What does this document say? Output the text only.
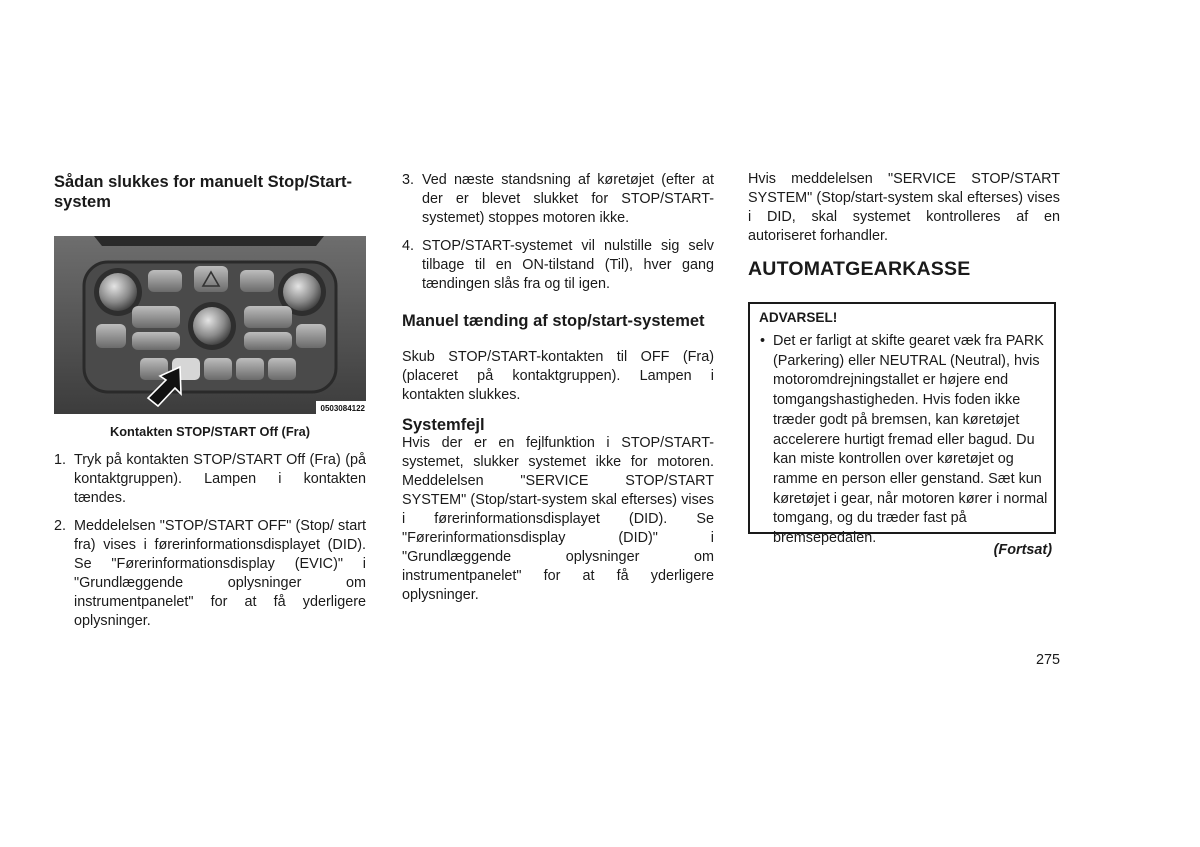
Sådan slukkes for manuelt Stop/Start-system
0503084122
Kontakten STOP/START Off (Fra)
1. Tryk på kontakten STOP/START Off (Fra) (på kontaktgruppen). Lampen i kontakten tændes.
2. Meddelelsen "STOP/START OFF" (Stop/ start fra) vises i førerinformationsdisplayet (DID). Se "Førerinformationsdisplay (EVIC)" i "Grundlæggende oplysninger om instrumentpanelet" for at få yderligere oplysninger.
3. Ved næste standsning af køretøjet (efter at der er blevet slukket for STOP/START-systemet) stoppes motoren ikke.
4. STOP/START-systemet vil nulstille sig selv tilbage til en ON-tilstand (Til), hver gang tændingen slås fra og til igen.
Manuel tænding af stop/start-systemet

Skub STOP/START-kontakten til OFF (Fra) (placeret på kontaktgruppen). Lampen i kontakten slukkes.

Systemfejl

Hvis der er en fejlfunktion i STOP/START-systemet, slukker systemet ikke for motoren. Meddelelsen "SERVICE STOP/START SYSTEM" (Stop/start-system skal efterses) vises i førerinformationsdisplayet (DID). Se "Førerinformationsdisplay (DID)" i "Grundlæggende oplysninger om instrumentpanelet" for at få yderligere oplysninger.

Hvis meddelelsen "SERVICE STOP/START SYSTEM" (Stop/start-system skal efterses) vises i DID, skal systemet kontrolleres af en autoriseret forhandler.

AUTOMATGEARKASSE
ADVARSEL!
• Det er farligt at skifte gearet væk fra PARK (Parkering) eller NEUTRAL (Neutral), hvis motoromdrejningstallet er højere end tomgangshastigheden. Hvis foden ikke træder godt på bremsen, kan køretøjet accelerere hurtigt fremad eller bagud. Du kan miste kontrollen over køretøjet og ramme en person eller genstand. Sæt kun køretøjet i gear, når motoren kører i normal tomgang, og du træder fast på bremsepedalen.
(Fortsat)
275
